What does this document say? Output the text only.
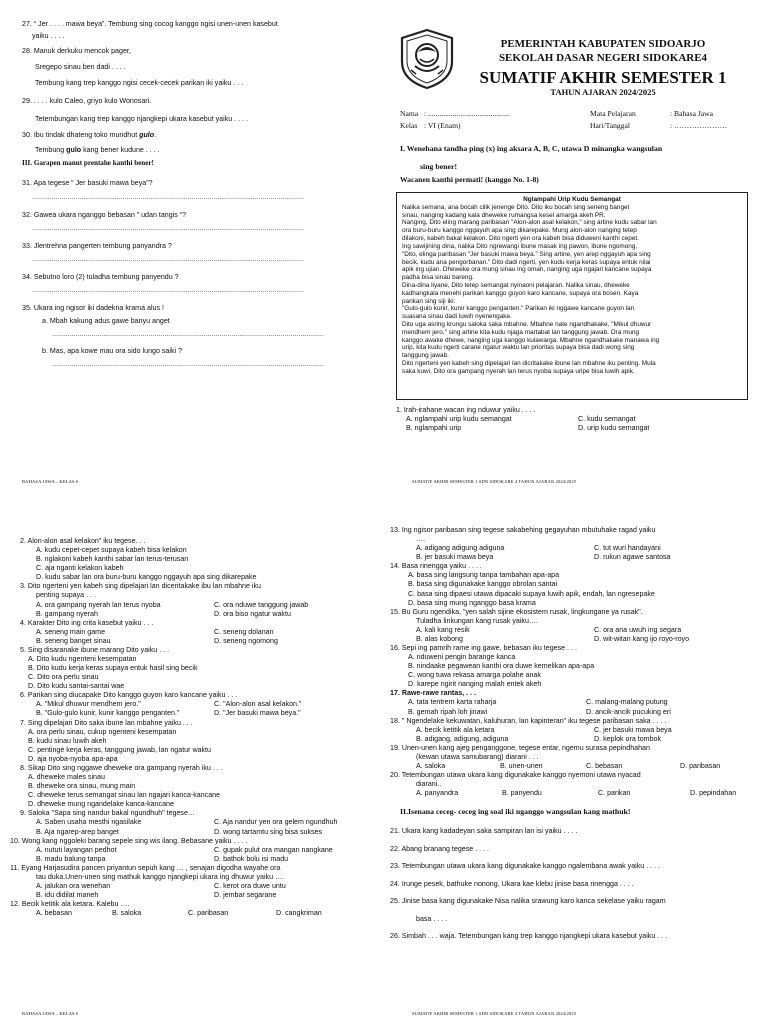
27. “ Jer . . . . mawa beya”. Tembung sing cocog kanggo ngisi unen-unen kasebut
yaiku . . . .
28. Manuk derkuku mencok pager,
Sregepo sinau ben dadi . . . .
Tembung kang trep kanggo ngisi cecek-cecek parikan iki yaiku . . .
29. . . . . kulo Caleo, griyo kulo Wonosari.
Tetembungan kang trep kanggo njangkepi ukara kasebut yaiku . . . .
30. Ibu tindak dhateng toko mundhut gulo.
Tembung gulo kang bener kudune . . . .
III. Garapen manut prentahe kanthi bener!
31. Apa tegese “ Jer basuki mawa beya”?
..........................................................................................................................................
32. Gawea ukara nganggo bebasan ” udan tangis “?
..........................................................................................................................................
33. Jlentrehna pangerten tembung panyandra ?
..........................................................................................................................................
34. Sebutno loro (2) tuladha tembung panyendu ?
..........................................................................................................................................
35. Ukara ing ngisor iki dadekna krama alus !
a. Mbah kakung adus gawe banyu anget
..........................................................................................................................................
b. Mas, apa kowe mau ora sido lungo saiki ?
..........................................................................................................................................
BAHASA JAWA – KELAS 6
PEMERINTAH KABUPATEN SIDOARJO
SEKOLAH DASAR NEGERI SIDOKARE4
SUMATIF AKHIR SEMESTER 1
TAHUN AJARAN 2024/2025
Nama : ...........................................	Mata Pelajaran	: Bahasa Jawa
Kelas : VI (Enam)	Hari/Tanggal	: …………………
I. Wenehana tandha ping (x) ing aksara A, B, C, utawa D minangka wangsulan
sing bener!
Wacanen kanthi permati! (kanggo No. 1-8)
Nglampahi Urip Kudu Semangat
Nalika semana, ana bocah cilik jenenge Dito. Dito iku bocah sing seneng banget
sinau, nanging kadang kala dheweke rumangsa kesel amarga akeh PR.
Nanging, Dito eling marang paribasan "Alon-alon asal kelakon," sing artine kudu sabar lan
ora buru-buru kanggo nggayuh apa sing dikarepake. Mung alon-alon nanging tetep
dilakoni, kabeh bakal kelakon. Dito ngerti yen ora kabeh bisa diduweni kanthi cepet.
Ing sawijining dina, nalika Dito ngrewangi ibune masak ing pawon, ibune ngomong,
"Dito, elinga paribasan "Jer basuki mawa beya." Sing artine, yen arep nggayuh apa sing
becik, kudu ana pengorbanan." Dito dadi ngerti, yen kudu kerja keras supaya entuk nilai
apik ing ujian. Dheweke ora mung sinau ing omah, nanging uga ngajari kancane supaya
padha bisa sinau bareng.
Dina-dina liyane, Dito tetep semangat nyinaoni pelajaran. Nalika sinau, dheweke
kadhangkala menehi parikan kanggo guyon karo kancane, supaya ora bosen. Kaya
parikan sing siji iki:
"Gulo-gulo kunir, kunir kanggo penganten." Parikan iki nggawe kancane guyon lan
suasana sinau dadi luwih nyenengake.
Dito uga asring krungu saloka saka mbahne. Mbahne nate ngandhakake, "Mikul dhuwur
mendhem jero," sing artine kita kudu njaga martabat lan tanggung jawab. Ora mung
kanggo awake dhewe, nanging uga kanggo kulawarga. Mbahne ngandhakake manawa ing
urip, kita kudu ngerti carane ngatur waktu lan prioritas supaya bisa dadi wong sing
tanggung jawab.
Dito ngerteni yen kabeh sing dipelajari lan dicritakake ibune lan mbahne iku penting. Mula
saka kuwi, Dito ora gampang nyerah lan terus nyoba supaya uripe bisa luwih apik.
1. Irah-irahane wacan ing nduwur yaiku . . . .
A. nglampahi urip kudu semangat	C. kudu semangat
B. nglampahi urip	D. urip kudu semangat
SUMATIF AKHIR SEMESTER 1 SDN SIDOKARE 4 TAHUN AJARAN 2024/2025
2. Alon-alon asal kelakon” iku tegese. . .
A. kudu cepet-cepet supaya kabeh bisa kelakon
B. nglakoni kabeh kanthi sabar lan terus-terusan
C. aja nganti kelakon kabeh
D. kudu sabar lan ora buru-buru kanggo nggayuh apa sing dikarepake
3. Dito ngerteni yen kabeh sing dipelajari lan diceritakake ibu lan mbahne iku
penting supaya . . .
A. ora gampang nyerah lan terus nyoba	C. ora nduwe tanggung jawab
B. gampang nyerah	D. ora biso ngatur waktu
4. Karakter Dito ing crita kasebut yaiku . . .
A. seneng main game	C. seneng dolanan
B. seneng banget sinau	D. seneng ngomong
5. Sing disaranake ibune marang Dito yaiku . . .
A. Dito kudu ngenteni kesempatan
B. Dito kudu kerja keras supaya entuk hasil sing becik
C. Dito ora perlu sinau
D. Dito kudu santai-santai wae
6. Parikan sing diucapake Dito kanggo guyon karo kancane yaiku . . .
A. "Mikul dhuwur mendhem jero."	C. "Alon-alon asal kelakon."
B. "Gulo-gulo kunir, kunir kanggo penganten."	D. "Jer basuki mawa beya."
7. Sing dipelajari Dito saka ibune lan mbahne yaiku . . .
A. ora perlu sinau, cukup ngenteni kesempatan
B. kudu sinau luwih akeh
C. pentingé kerja keras, tanggung jawab, lan ngatur waktu
D. aja nyoba-nyoba apa-apa
8. Sikap Dito sing nggawe dheweke ora gampang nyerah iku . . .
A. dheweke males sinau
B. dheweke ora sinau, mung main
C. dheweke terus semangat sinau lan ngajari kanca-kancane
D. dheweke mung ngandelake kanca-kancane
9. Saloka "Sapa sing nandur bakal ngundhuh" tegese…
A. Saben usaha mesthi ngasilake	C. Aja nandur yen ora gelem ngundhuh
B. Aja ngarep-arep banget	D. wong tartamtu sing bisa sukses
10. Wong kang nggoleki barang sepele sing wis ilang. Bebasane yaiku . . . .
A. nututi layangan pedhot	C. gupak pulut ora mangan nangkane
B. madu balung tanpa	D. bathok bolu isi madu
11. Eyang Harjasudira pancen priyantun sepuh kang … , senajan digodha wayahe ora
tau duka.Unen-unen sing mathuk kanggo njangkepi ukara ing dhuwur yaiku ….
A. jalukan ora wenehan	C. kerot ora duwe untu
B. idu didilat maneh	D. jembar segarane
12. Becik ketitik ala ketara. Kalebu ….
A. bebasan	B. saloka	C. paribasan	D. cangkriman
BAHASA JAWA – KELAS 6
13. Ing ngisor paribasan sing tegese sakabehing gegayuhan mbutuhake ragad yaiku
….
A. adigang adigung adiguna	C. tut wuri handayani
B. jer basuki mawa beya	D. rukun agawe santosa
14. Basa rinengga yaiku . . . .
A. basa sing langsung tanpa tambahan apa-apa
B. basa sing digunakake kanggo obrolan santai
C. basa sing dipaesi utawa dipacaki supaya luwih apik, endah, lan ngresepake
D. basa sing mung nganggo basa krama
15. Bu Guru ngendika, "yen salah sijine ekosistem rusak, lingkungane ya rusak".
Tuladha linkungan kang rusak yaiku….
A. kali kang resik	C. ora ana uwuh ing segara
B. alas kobong	D. wit-witan kang ijo royo-royo
16. Sepi ing pamrih rame ing gawe, bebasan iku tegese . . .
A. nduweni pengin barange kanca
B. nindaake pegawean kanthi ora duwe kemelikan apa-apa
C. wong tuwa rekasa amarga polahe anak
D. karepe ngirit nanging malah entek akeh
17. Rawe-rawe rantas, . . .
A. tata tentrem karta raharja	C. malang-malang putung
B. gemah ripah loh jinawi	D. ancik-ancik pucuking eri
18. " Ngendelake kekuwatan, kaluhuran, lan kapinteran" iku tegese paribasan saka . . . .
A. becik ketitik ala ketara	C. jer basuki mawa beya
B. adigang, adigung, adiguna	D. keplok ora tombok
19. Unen-unen kang ajeg penganggone, tegese entar, ngemu surasa pepindhahan
(kewan utawa samubarang) diarani . . .
A. saloka	B. unen-unen	C. bebasan	D. paribasan
20. Tetembungan utawa ukara kang digunakake kanggo nyemoni utawa nyacad
diarani..
A. panyandra	B. panyendu	C. parikan	D. pepindahan
II.Isenana ceceg- ceceg ing soal iki nganggo wangsulan kang mathuk!
21. Ukara kang kadadeyan saka sampiran lan isi yaiku . . . .
22. Abang branang tegese . . . .
23. Tetembungan utawa ukara kang digunakake kanggo ngalembana awak yaiku . . . .
24. Irunge pesek, bathuke nonong. Ukara kae klebu jinise basa rinengga . . . .
25. Jinise basa kang digunakake Nisa nalika srawung karo kanca sekelase yaiku ragam
basa . . . .
26. Simbah . . . waja. Tetembungan kang trep kanggo njangkepi ukara kasebut yaiku . . .
SUMATIF AKHIR SEMESTER 1 SDN SIDOKARE 4 TAHUN AJARAN 2024/2025
